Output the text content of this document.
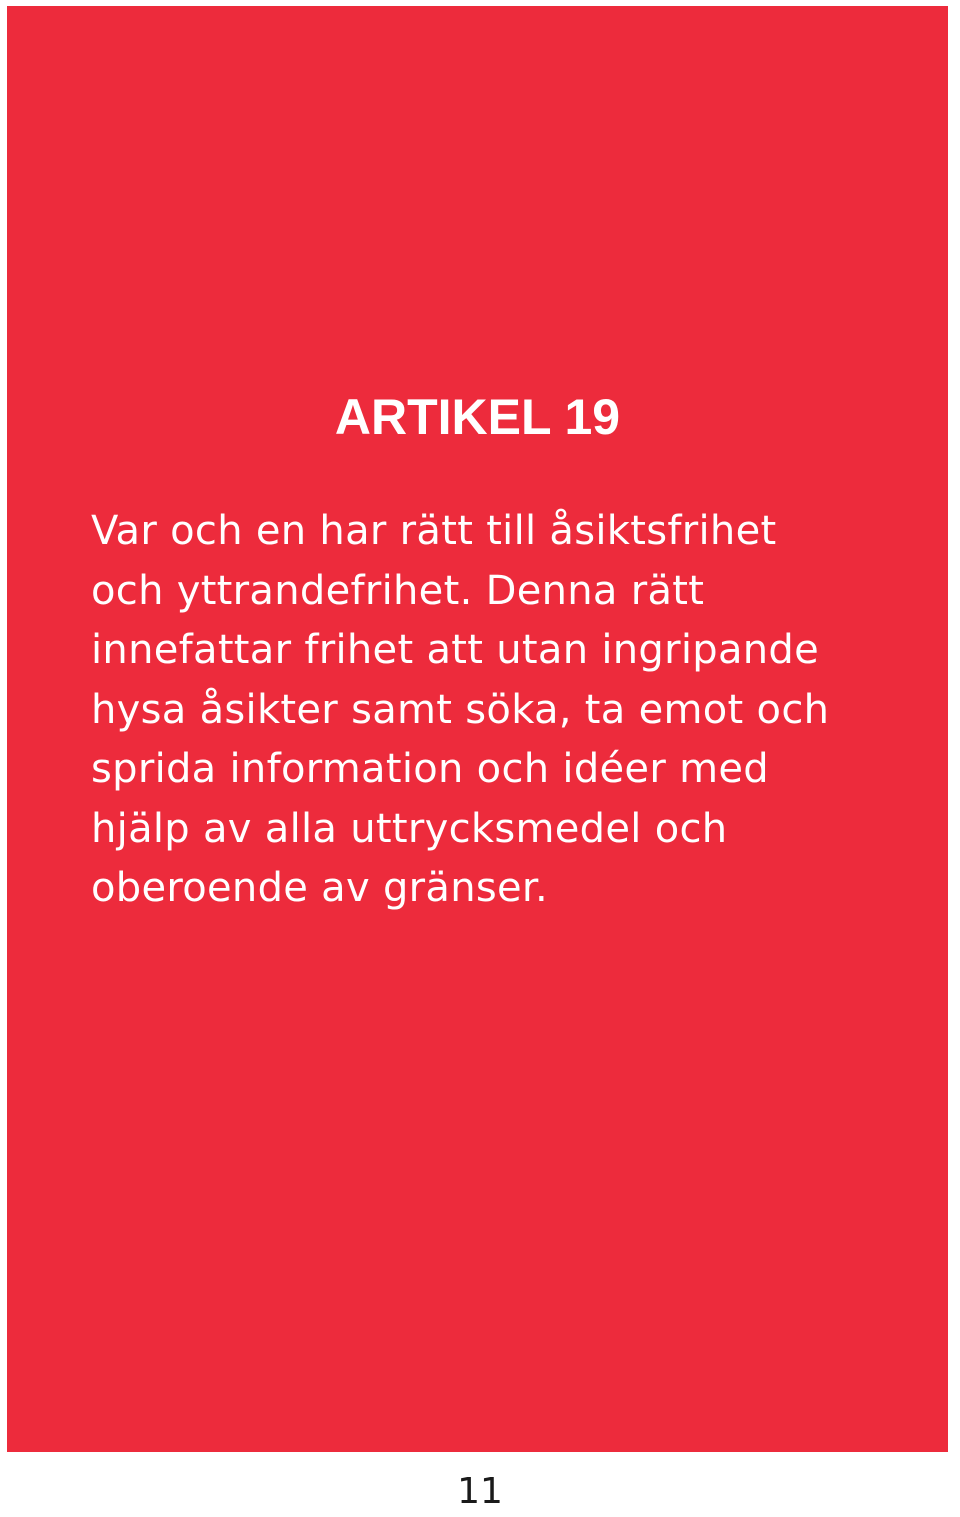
ARTIKEL 19

Var och en har rätt till åsiktsfrihet
och yttrandefrihet. Denna rätt
innefattar frihet att utan ingripande
hysa åsikter samt söka, ta emot och
sprida information och idéer med
hjälp av alla uttrycksmedel och
oberoende av gränser.

11
